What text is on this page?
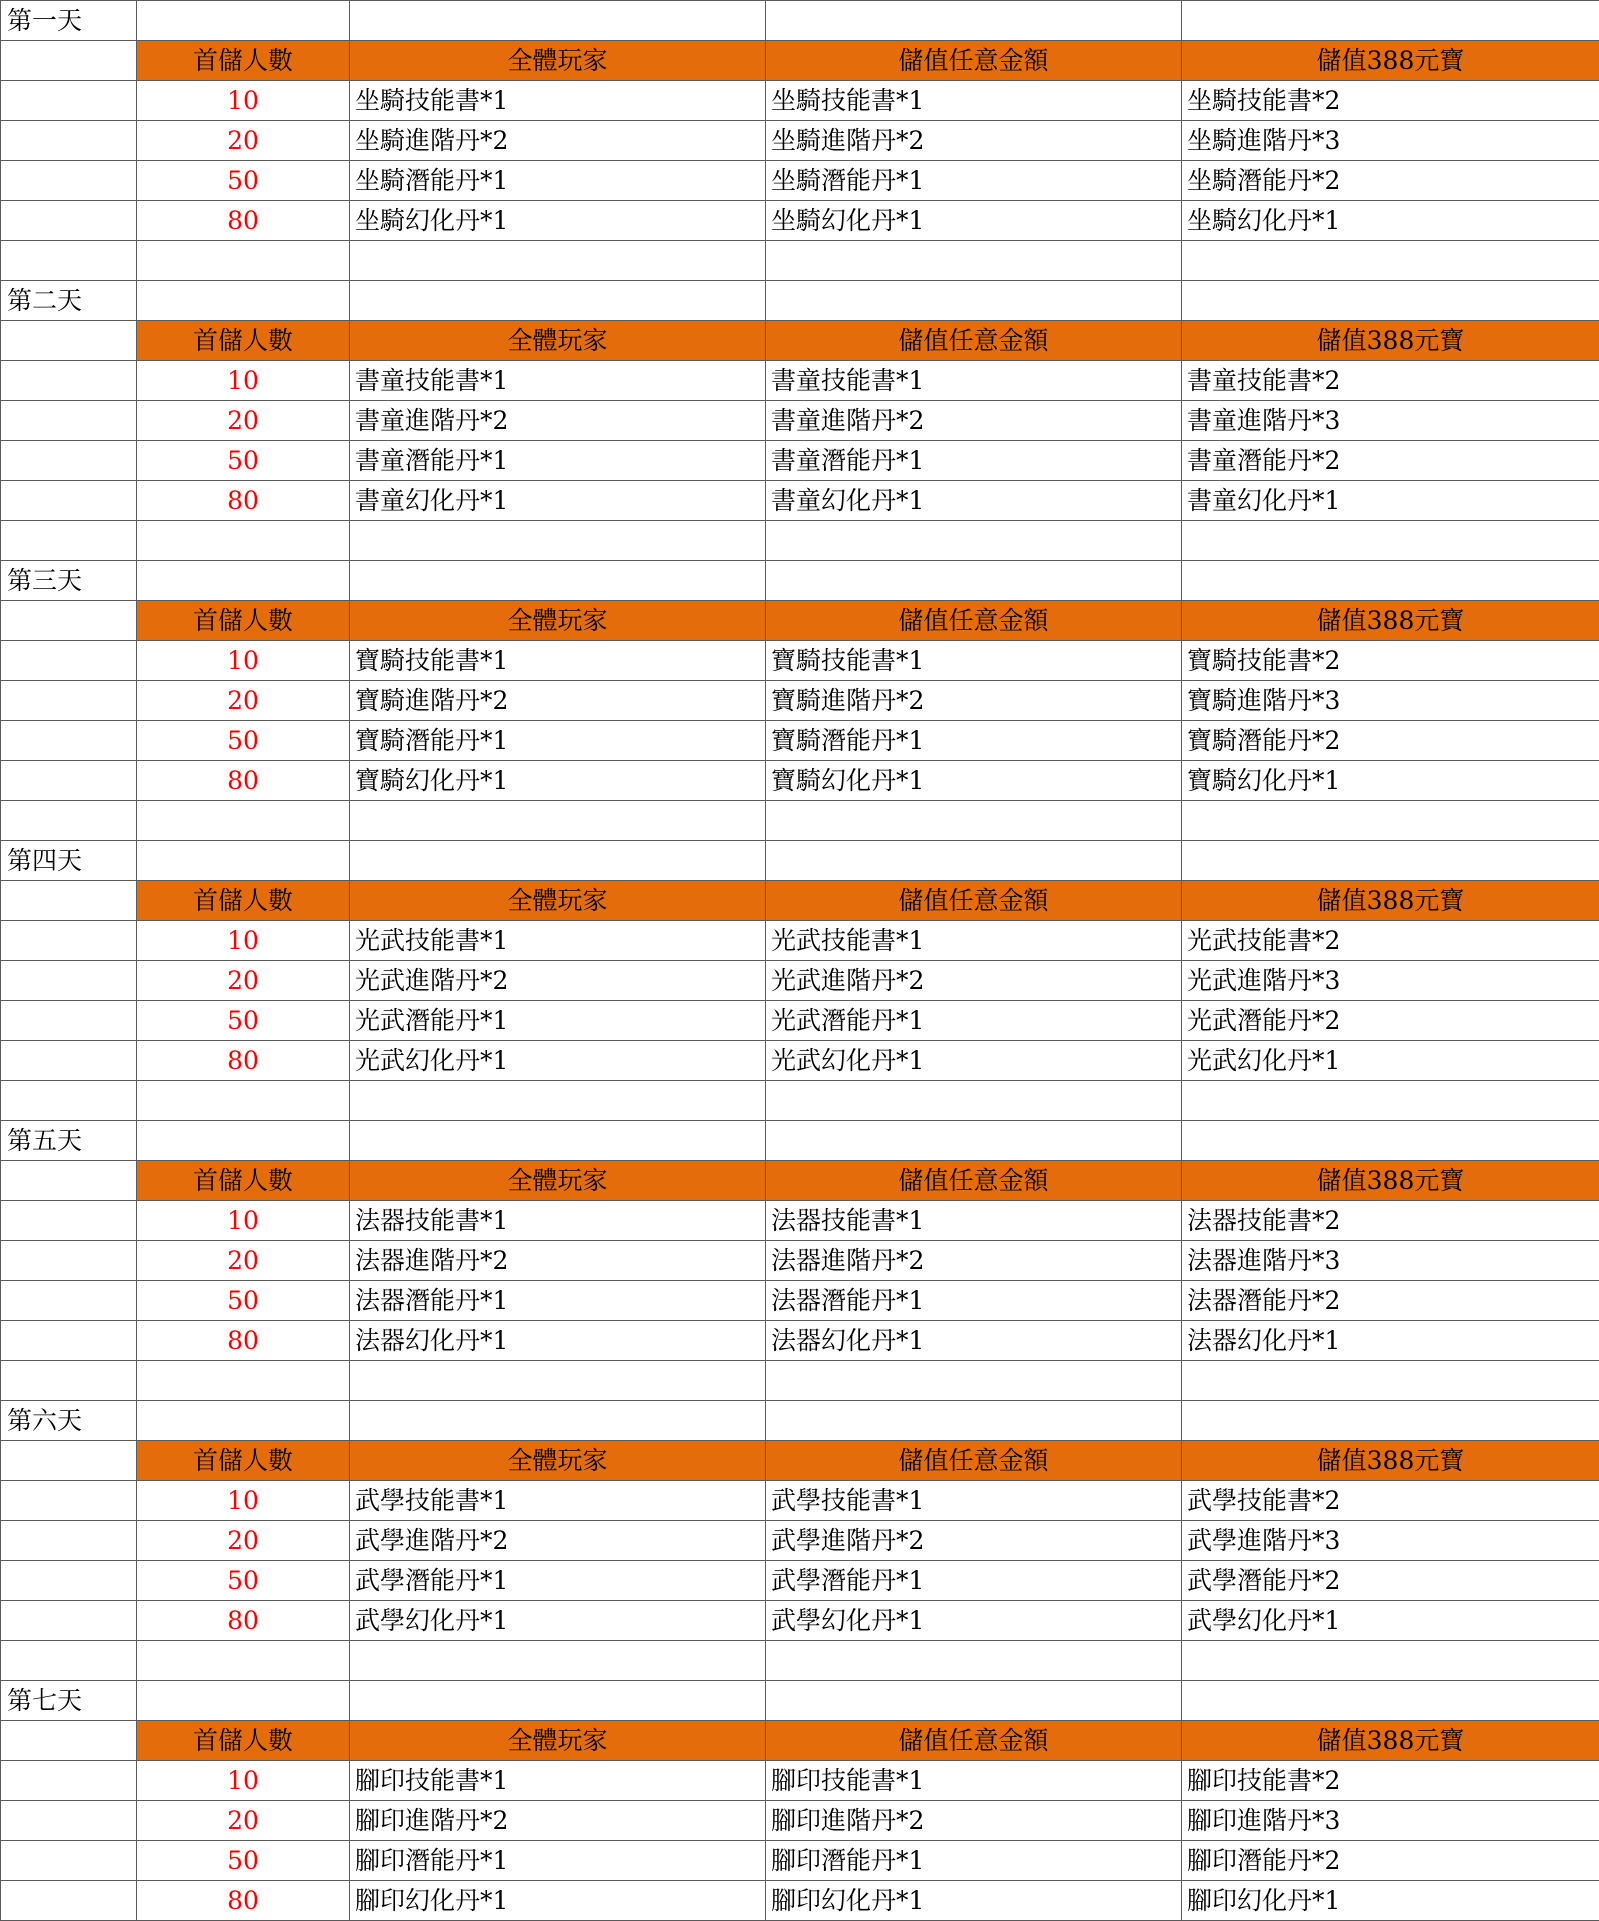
第一天				
	首儲人數	全體玩家	儲值任意金額	儲值388元寶
	10	坐騎技能書*1	坐騎技能書*1	坐騎技能書*2
	20	坐騎進階丹*2	坐騎進階丹*2	坐騎進階丹*3
	50	坐騎潛能丹*1	坐騎潛能丹*1	坐騎潛能丹*2
	80	坐騎幻化丹*1	坐騎幻化丹*1	坐騎幻化丹*1

第二天				
	首儲人數	全體玩家	儲值任意金額	儲值388元寶
	10	書童技能書*1	書童技能書*1	書童技能書*2
	20	書童進階丹*2	書童進階丹*2	書童進階丹*3
	50	書童潛能丹*1	書童潛能丹*1	書童潛能丹*2
	80	書童幻化丹*1	書童幻化丹*1	書童幻化丹*1

第三天				
	首儲人數	全體玩家	儲值任意金額	儲值388元寶
	10	寶騎技能書*1	寶騎技能書*1	寶騎技能書*2
	20	寶騎進階丹*2	寶騎進階丹*2	寶騎進階丹*3
	50	寶騎潛能丹*1	寶騎潛能丹*1	寶騎潛能丹*2
	80	寶騎幻化丹*1	寶騎幻化丹*1	寶騎幻化丹*1

第四天				
	首儲人數	全體玩家	儲值任意金額	儲值388元寶
	10	光武技能書*1	光武技能書*1	光武技能書*2
	20	光武進階丹*2	光武進階丹*2	光武進階丹*3
	50	光武潛能丹*1	光武潛能丹*1	光武潛能丹*2
	80	光武幻化丹*1	光武幻化丹*1	光武幻化丹*1

第五天				
	首儲人數	全體玩家	儲值任意金額	儲值388元寶
	10	法器技能書*1	法器技能書*1	法器技能書*2
	20	法器進階丹*2	法器進階丹*2	法器進階丹*3
	50	法器潛能丹*1	法器潛能丹*1	法器潛能丹*2
	80	法器幻化丹*1	法器幻化丹*1	法器幻化丹*1

第六天				
	首儲人數	全體玩家	儲值任意金額	儲值388元寶
	10	武學技能書*1	武學技能書*1	武學技能書*2
	20	武學進階丹*2	武學進階丹*2	武學進階丹*3
	50	武學潛能丹*1	武學潛能丹*1	武學潛能丹*2
	80	武學幻化丹*1	武學幻化丹*1	武學幻化丹*1

第七天				
	首儲人數	全體玩家	儲值任意金額	儲值388元寶
	10	腳印技能書*1	腳印技能書*1	腳印技能書*2
	20	腳印進階丹*2	腳印進階丹*2	腳印進階丹*3
	50	腳印潛能丹*1	腳印潛能丹*1	腳印潛能丹*2
	80	腳印幻化丹*1	腳印幻化丹*1	腳印幻化丹*1
